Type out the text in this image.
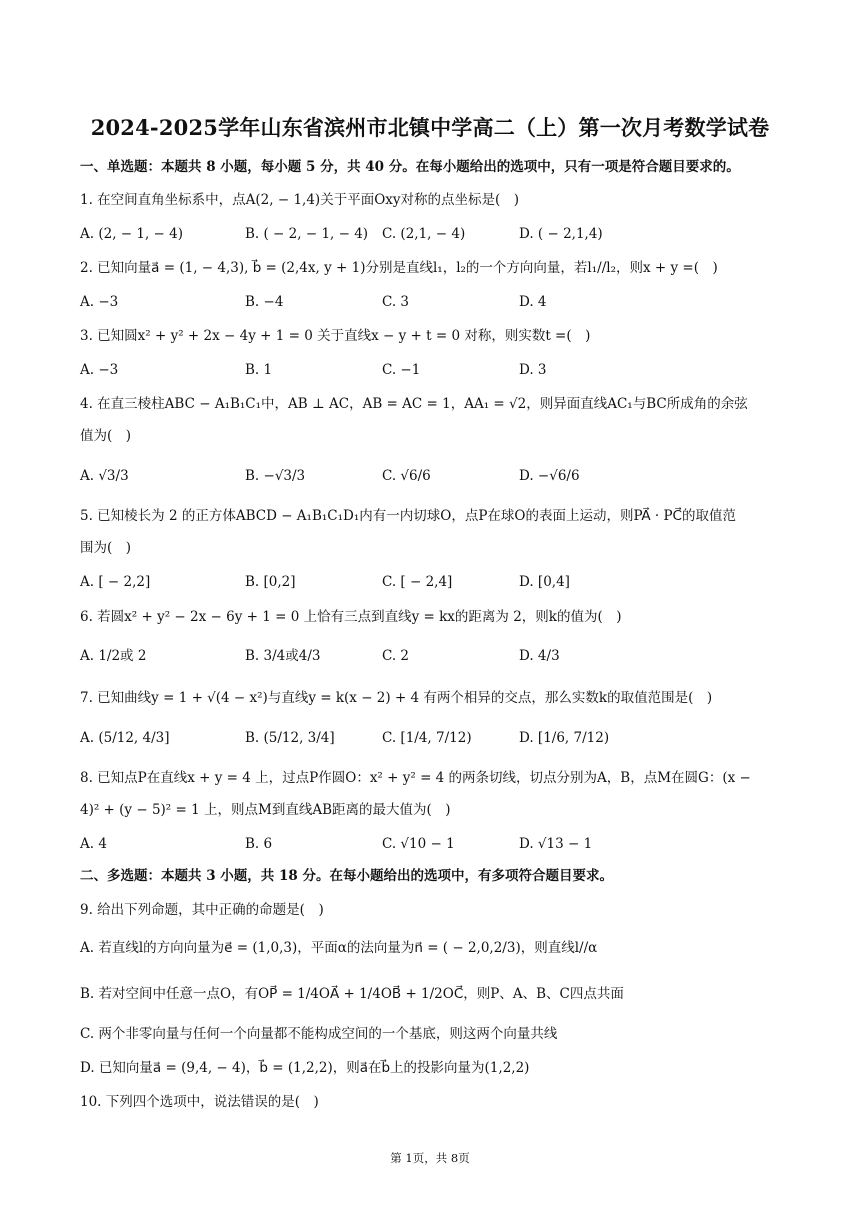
2024-2025学年山东省滨州市北镇中学高二（上）第一次月考数学试卷
一、单选题：本题共 8 小题，每小题 5 分，共 40 分。在每小题给出的选项中，只有一项是符合题目要求的。
1. 在空间直角坐标系中，点A(2, − 1,4)关于平面Oxy对称的点坐标是(　)
A. (2, − 1, − 4)	B. ( − 2, − 1, − 4) C. (2,1, − 4)	D. ( − 2,1,4)
2. 已知向量a⃗ = (1, − 4,3), b⃗ = (2,4x, y + 1)分别是直线l₁，l₂的一个方向向量，若l₁//l₂，则x + y =(　)
A. −3	B. −4	C. 3	D. 4
3. 已知圆x² + y² + 2x − 4y + 1 = 0 关于直线x − y + t = 0 对称，则实数t =(　)
A. −3	B. 1	C. −1	D. 3
4. 在直三棱柱ABC − A₁B₁C₁中，AB ⊥ AC，AB = AC = 1，AA₁ = √2，则异面直线AC₁与BC所成角的余弦
值为(　)
A. √3/3	B. −√3/3	C. √6/6	D. −√6/6
5. 已知棱长为 2 的正方体ABCD − A₁B₁C₁D₁内有一内切球O，点P在球O的表面上运动，则PA⃗ · PC⃗的取值范
围为(　)
A. [ − 2,2]	B. [0,2]	C. [ − 2,4]	D. [0,4]
6. 若圆x² + y² − 2x − 6y + 1 = 0 上恰有三点到直线y = kx的距离为 2，则k的值为(　)
A. 1/2或 2	B. 3/4或4/3	C. 2	D. 4/3
7. 已知曲线y = 1 + √(4 − x²)与直线y = k(x − 2) + 4 有两个相异的交点，那么实数k的取值范围是(　)
A. (5/12, 4/3]	B. (5/12, 3/4]	C. [1/4, 7/12)	D. [1/6, 7/12)
8. 已知点P在直线x + y = 4 上，过点P作圆O：x² + y² = 4 的两条切线，切点分别为A，B，点M在圆G：(x −
4)² + (y − 5)² = 1 上，则点M到直线AB距离的最大值为(　)
A. 4	B. 6	C. √10 − 1	D. √13 − 1
二、多选题：本题共 3 小题，共 18 分。在每小题给出的选项中，有多项符合题目要求。
9. 给出下列命题，其中正确的命题是(　)
A. 若直线l的方向向量为e⃗ = (1,0,3)，平面α的法向量为n⃗ = ( − 2,0,2/3)，则直线l//α
B. 若对空间中任意一点O，有OP⃗ = 1/4OA⃗ + 1/4OB⃗ + 1/2OC⃗，则P、A、B、C四点共面
C. 两个非零向量与任何一个向量都不能构成空间的一个基底，则这两个向量共线
D. 已知向量a⃗ = (9,4, − 4)，b⃗ = (1,2,2)，则a⃗在b⃗上的投影向量为(1,2,2)
10. 下列四个选项中，说法错误的是(　)
第 1页，共 8页
